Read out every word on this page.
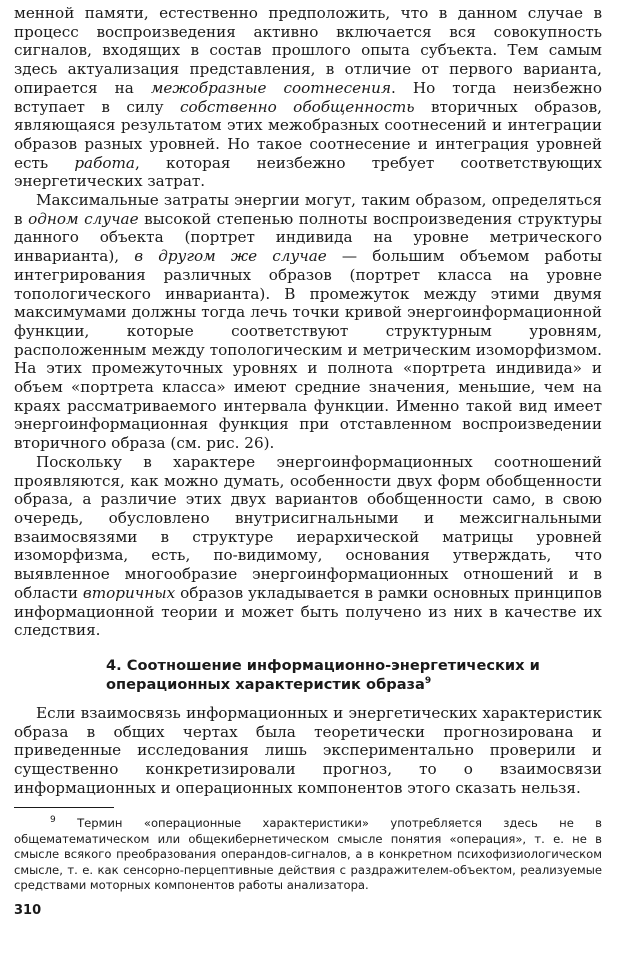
менной памяти, естественно предположить, что в данном случае в процесс воспроизведения активно включается вся совокупность сигналов, входящих в состав прошлого опыта субъекта. Тем самым здесь актуализация представления, в отличие от первого варианта, опирается на межобразные соотнесения. Но тогда неизбежно вступает в силу собственно обобщенность вторичных образов, являющаяся результатом этих межобразных соотнесений и интеграции образов разных уровней. Но такое соотнесение и интеграция уровней есть работа, которая неизбежно требует соответствующих энергетических затрат.

Максимальные затраты энергии могут, таким образом, определяться в одном случае высокой степенью полноты воспроизведения структуры данного объекта (портрет индивида на уровне метрического инварианта), в другом же случае — большим объемом работы интегрирования различных образов (портрет класса на уровне топологического инварианта). В промежуток между этими двумя максимумами должны тогда лечь точки кривой энергоинформационной функции, которые соответствуют структурным уровням, расположенным между топологическим и метрическим изоморфизмом. На этих промежуточных уровнях и полнота «портрета индивида» и объем «портрета класса» имеют средние значения, меньшие, чем на краях рассматриваемого интервала функции. Именно такой вид имеет энергоинформационная функция при отставленном воспроизведении вторичного образа (см. рис. 26).

Поскольку в характере энергоинформационных соотношений проявляются, как можно думать, особенности двух форм обобщенности образа, а различие этих двух вариантов обобщенности само, в свою очередь, обусловлено внутрисигнальными и межсигнальными взаимосвязями в структуре иерархической матрицы уровней изоморфизма, есть, по-видимому, основания утверждать, что выявленное многообразие энергоинформационных отношений и в области вторичных образов укладывается в рамки основных принципов информационной теории и может быть получено из них в качестве их следствия.

4. Соотношение информационно-энергетических и операционных характеристик образа$^9$

Если взаимосвязь информационных и энергетических характеристик образа в общих чертах была теоретически прогнозирована и приведенные исследования лишь экспериментально проверили и существенно конкретизировали прогноз, то о взаимосвязи информационных и операционных компонентов этого сказать нельзя.

$^9$ Термин «операционные характеристики» употребляется здесь не в общематематическом или общекибернетическом смысле понятия «операция», т. е. не в смысле всякого преобразования операндов-сигналов, а в конкретном психофизиологическом смысле, т. е. как сенсорно-перцептивные действия с раздражителем-объектом, реализуемые средствами моторных компонентов работы анализатора.

310
